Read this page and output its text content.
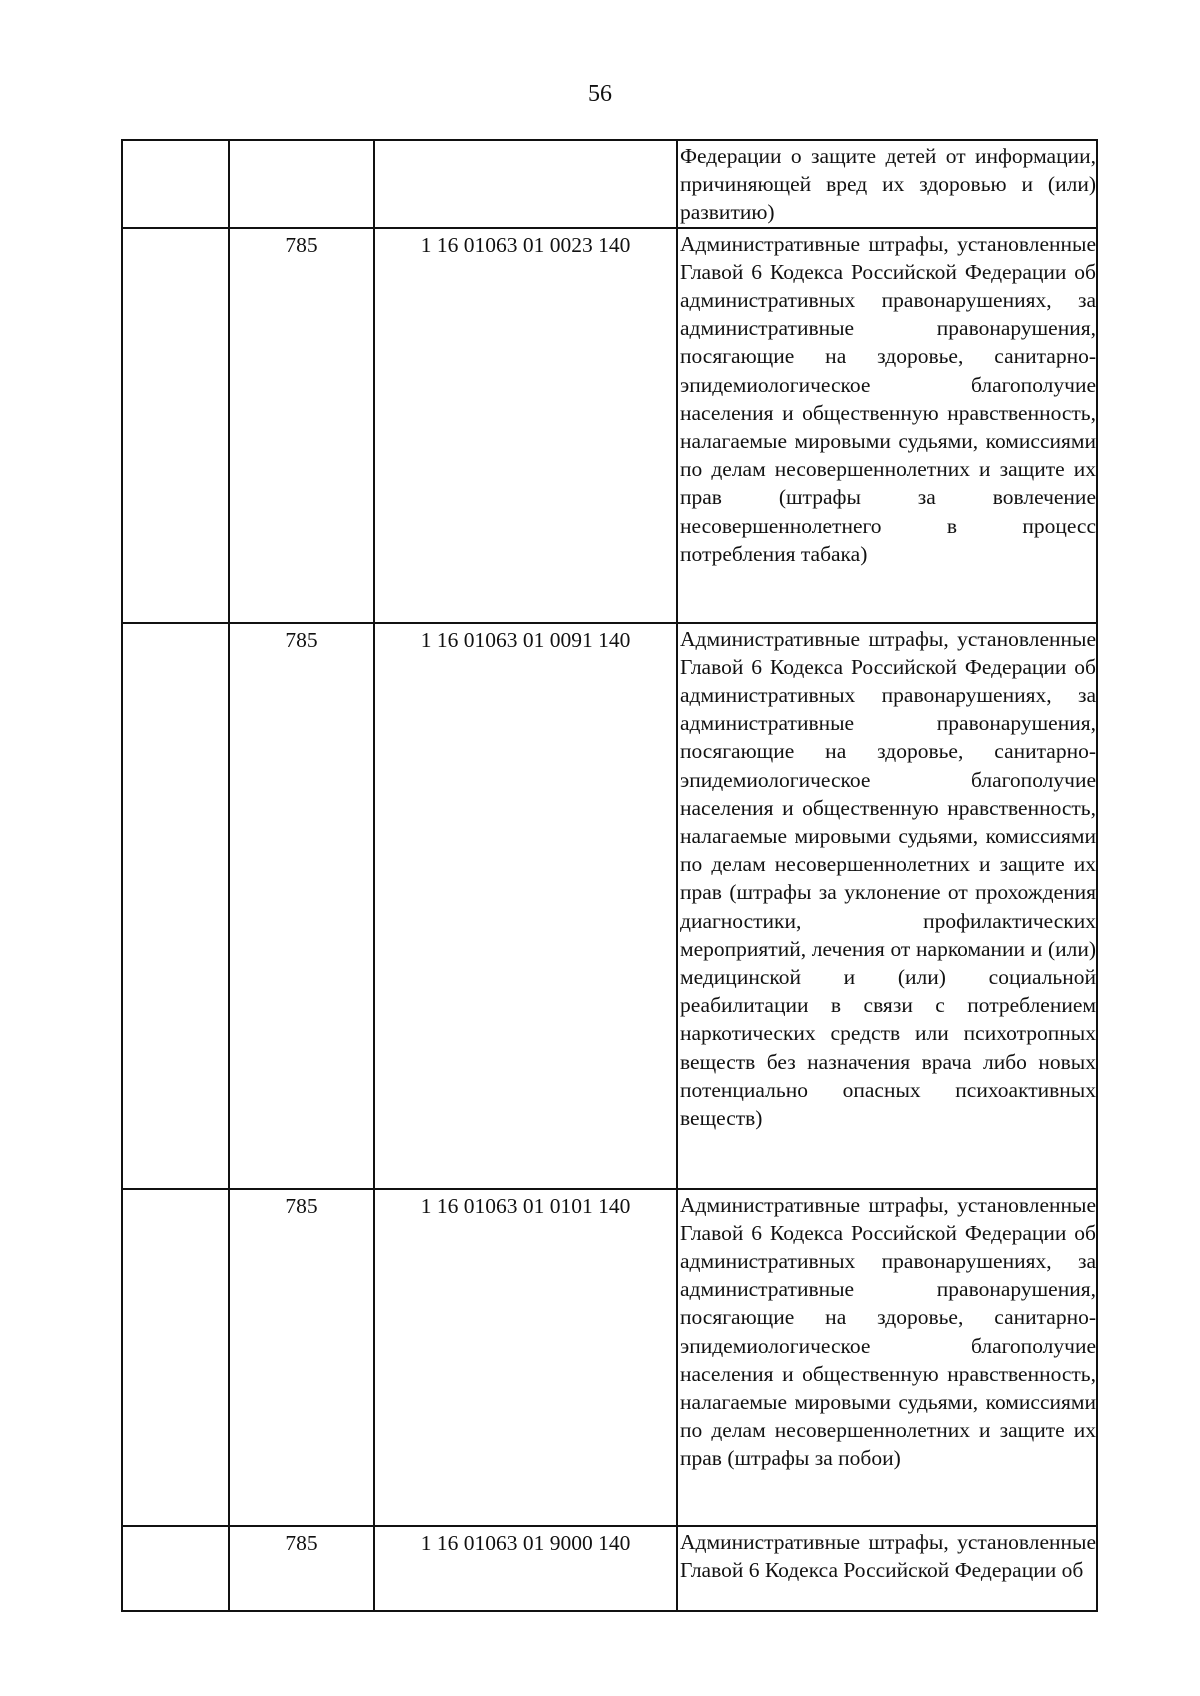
56
			Федерации о защите детей от информации, причиняющей вред их здоровью и (или) развитию)
	785	1 16 01063 01 0023 140	Административные штрафы, установленные Главой 6 Кодекса Российской Федерации об административных правонарушениях, за административные правонарушения, посягающие на здоровье, санитарно-эпидемиологическое благополучие населения и общественную нравственность, налагаемые мировыми судьями, комиссиями по делам несовершеннолетних и защите их прав (штрафы за вовлечение несовершеннолетнего в процесс потребления табака)
	785	1 16 01063 01 0091 140	Административные штрафы, установленные Главой 6 Кодекса Российской Федерации об административных правонарушениях, за административные правонарушения, посягающие на здоровье, санитарно-эпидемиологическое благополучие населения и общественную нравственность, налагаемые мировыми судьями, комиссиями по делам несовершеннолетних и защите их прав (штрафы за уклонение от прохождения диагностики, профилактических мероприятий, лечения от наркомании и (или) медицинской и (или) социальной реабилитации в связи с потреблением наркотических средств или психотропных веществ без назначения врача либо новых потенциально опасных психоактивных веществ)
	785	1 16 01063 01 0101 140	Административные штрафы, установленные Главой 6 Кодекса Российской Федерации об административных правонарушениях, за административные правонарушения, посягающие на здоровье, санитарно-эпидемиологическое благополучие населения и общественную нравственность, налагаемые мировыми судьями, комиссиями по делам несовершеннолетних и защите их прав (штрафы за побои)
	785	1 16 01063 01 9000 140	Административные штрафы, установленные Главой 6 Кодекса Российской Федерации об
